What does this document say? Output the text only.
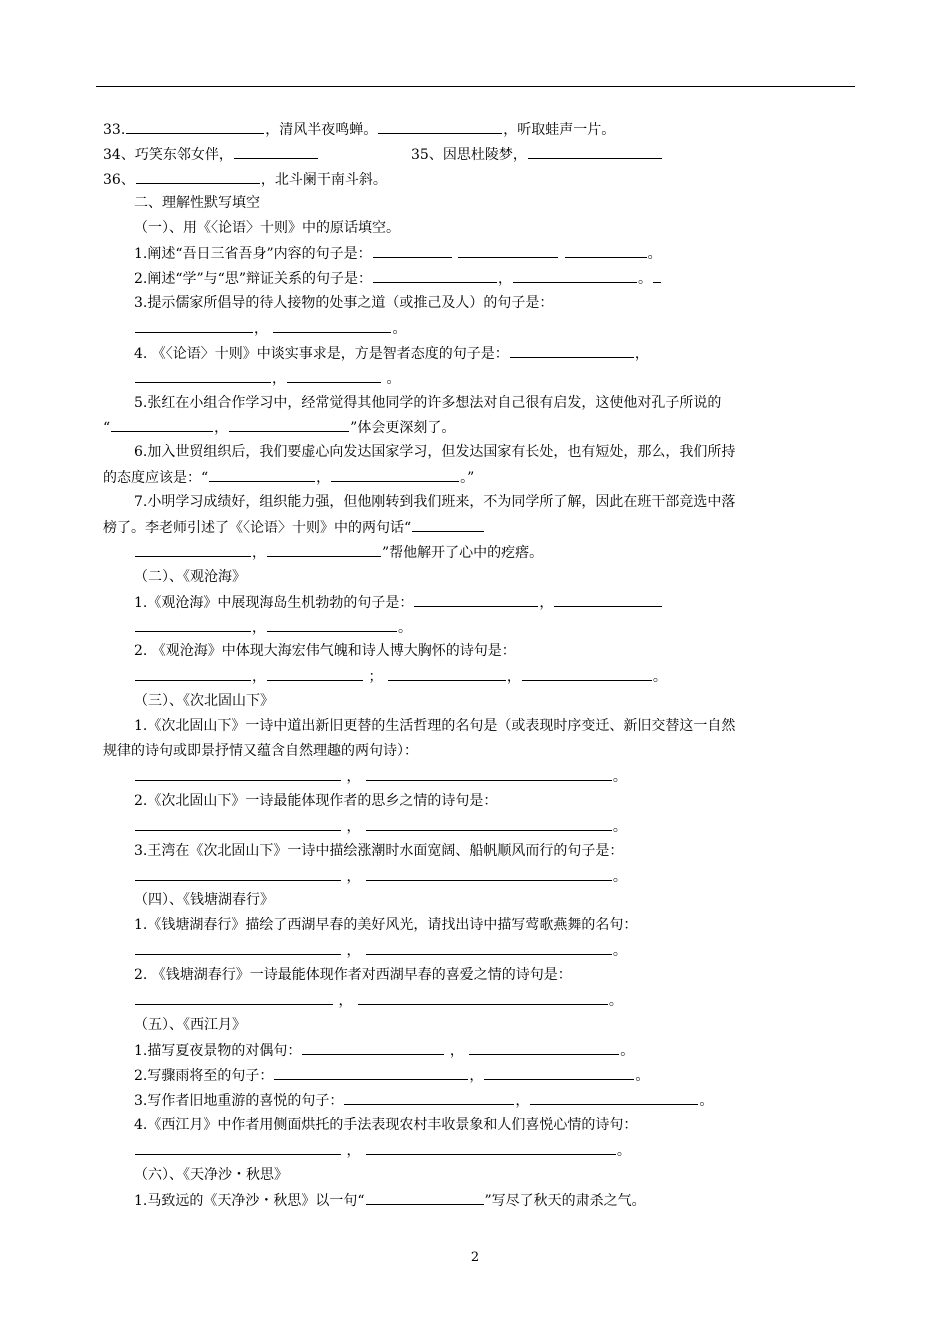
33.	，清风半夜鸣蝉。	，听取蛙声一片。
34、巧笑东邻女伴，	35、因思杜陵梦，
36、	，北斗阑干南斗斜。
二、理解性默写填空
（一）、用《〈论语〉十则》中的原话填空。
1.阐述“吾日三省吾身”内容的句子是：	。
2.阐述“学”与“思”辩证关系的句子是：	，	。
3.提示儒家所倡导的待人接物的处事之道（或推己及人）的句子是：
，	。
4. 《〈论语〉十则》中谈实事求是，方是智者态度的句子是：	，
，	。
5.张红在小组合作学习中，经常觉得其他同学的许多想法对自己很有启发，这使他对孔子所说的
“	，	”体会更深刻了。
6.加入世贸组织后，我们要虚心向发达国家学习，但发达国家有长处，也有短处，那么，我们所持
的态度应该是：“	，	。”
7.小明学习成绩好，组织能力强，但他刚转到我们班来，不为同学所了解，因此在班干部竞选中落
榜了。李老师引述了《〈论语〉十则》中的两句话“
，	”帮他解开了心中的疙瘩。
（二）、《观沧海》
1.《观沧海》中展现海岛生机勃勃的句子是：	，
，	。
2. 《观沧海》中体现大海宏伟气魄和诗人博大胸怀的诗句是：
，	；	，	。
（三）、《次北固山下》
1.《次北固山下》一诗中道出新旧更替的生活哲理的名句是（或表现时序变迁、新旧交替这一自然
规律的诗句或即景抒情又蕴含自然理趣的两句诗）：
，	。
2.《次北固山下》一诗最能体现作者的思乡之情的诗句是：
，	。
3.王湾在《次北固山下》一诗中描绘涨潮时水面宽阔、船帆顺风而行的句子是：
，	。
（四）、《钱塘湖春行》
1.《钱塘湖春行》描绘了西湖早春的美好风光，请找出诗中描写莺歌燕舞的名句：
，	。
2. 《钱塘湖春行》一诗最能体现作者对西湖早春的喜爱之情的诗句是：
，	。
（五）、《西江月》
1.描写夏夜景物的对偶句：	，	。
2.写骤雨将至的句子：	，	。
3.写作者旧地重游的喜悦的句子：	，	。
4.《西江月》中作者用侧面烘托的手法表现农村丰收景象和人们喜悦心情的诗句：
，	。
（六）、《天净沙・秋思》
1.马致远的《天净沙・秋思》以一句“	”写尽了秋天的肃杀之气。
2
